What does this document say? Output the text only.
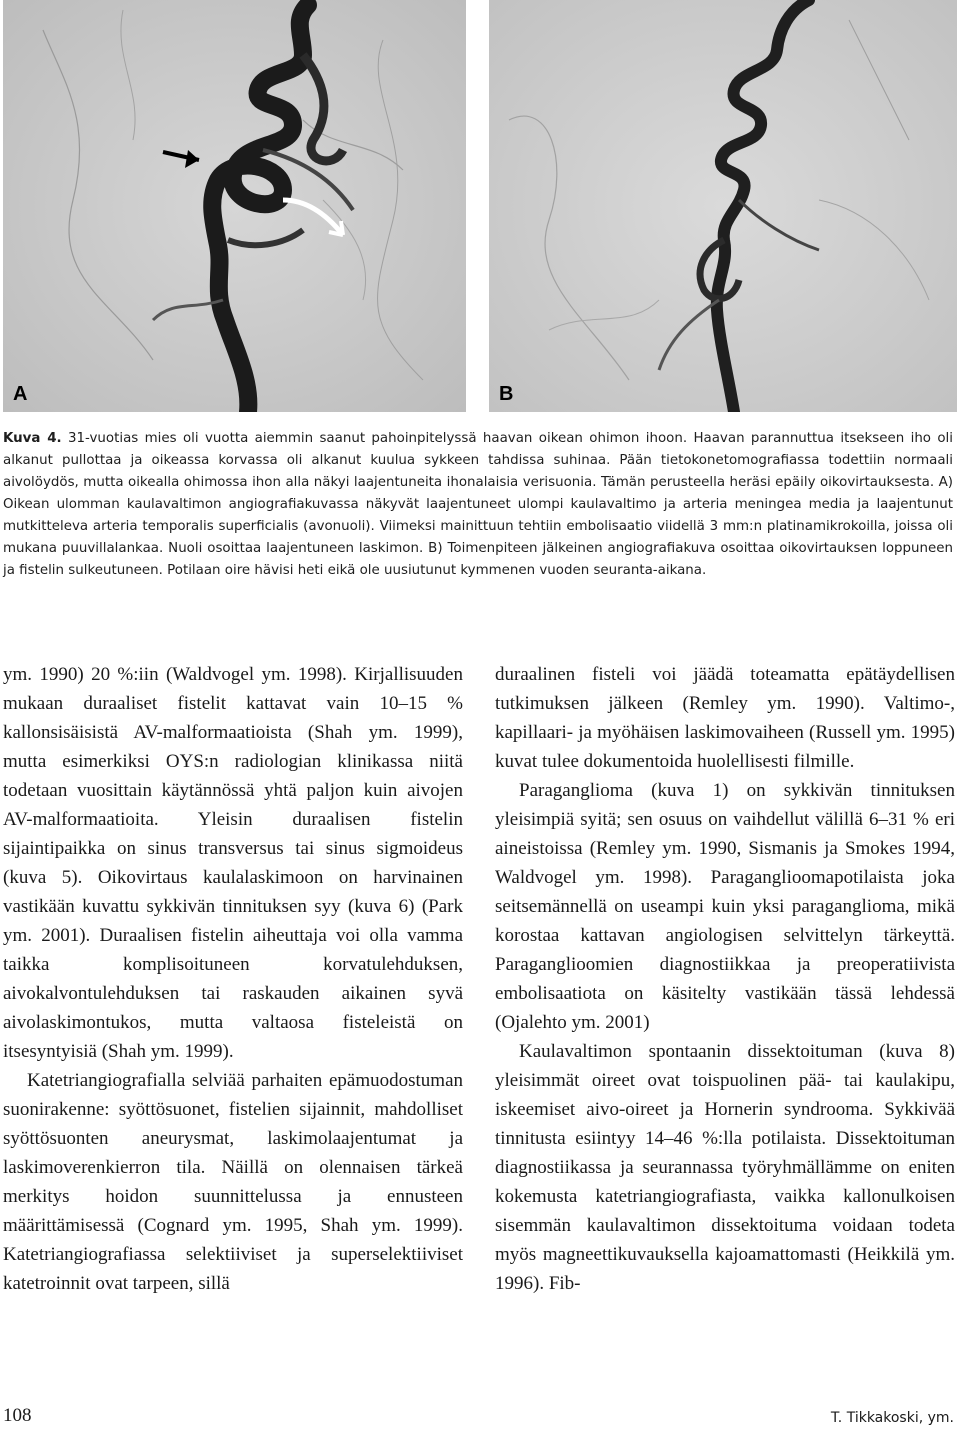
A	B
Kuva 4. 31-vuotias mies oli vuotta aiemmin saanut pahoinpitelyssä haavan oikean ohimon ihoon. Haavan parannuttua itsekseen iho oli alkanut pullottaa ja oikeassa korvassa oli alkanut kuulua sykkeen tahdissa suhinaa. Pään tietokonetomografiassa todettiin normaali aivolöydös, mutta oikealla ohimossa ihon alla näkyi laajentuneita ihonalaisia verisuonia. Tämän perusteella heräsi epäily oikovirtauksesta. A) Oikean ulomman kaulavaltimon angiografiakuvassa näkyvät laajentuneet ulompi kaulavaltimo ja arteria meningea media ja laajentunut mutkitteleva arteria temporalis superficialis (avonuoli). Viimeksi mainittuun tehtiin embolisaatio viidellä 3 mm:n platinamikrokoilla, joissa oli mukana puuvillalankaa. Nuoli osoittaa laajentuneen laskimon. B) Toimenpiteen jälkeinen angiografiakuva osoittaa oikovirtauksen loppuneen ja fistelin sulkeutuneen. Potilaan oire hävisi heti eikä ole uusiutunut kymmenen vuoden seuranta-aikana.

ym. 1990) 20 %:iin (Waldvogel ym. 1998). Kirjallisuuden mukaan duraaliset fistelit kattavat vain 10–15 % kallonsisäisistä AV-malformaatioista (Shah ym. 1999), mutta esimerkiksi OYS:n radiologian klinikassa niitä todetaan vuosittain käytännössä yhtä paljon kuin aivojen AV-malformaatioita. Yleisin duraalisen fistelin sijaintipaikka on sinus transversus tai sinus sigmoideus (kuva 5). Oikovirtaus kaulalaskimoon on harvinainen vastikään kuvattu sykkivän tinnituksen syy (kuva 6) (Park ym. 2001). Duraalisen fistelin aiheuttaja voi olla vamma taikka komplisoituneen korvatulehduksen, aivokalvontulehduksen tai raskauden aikainen syvä aivolaskimontukos, mutta valtaosa fisteleistä on itsesyntyisiä (Shah ym. 1999).

Katetriangiografialla selviää parhaiten epämuodostuman suonirakenne: syöttösuonet, fistelien sijainnit, mahdolliset syöttösuonten aneurysmat, laskimolaajentumat ja laskimoverenkierron tila. Näillä on olennaisen tärkeä merkitys hoidon suunnittelussa ja ennusteen määrittämisessä (Cognard ym. 1995, Shah ym. 1999). Katetriangiografiassa selektiiviset ja superselektiiviset katetroinnit ovat tarpeen, sillä

duraalinen fisteli voi jäädä toteamatta epätäydellisen tutkimuksen jälkeen (Remley ym. 1990). Valtimo-, kapillaari- ja myöhäisen laskimovaiheen (Russell ym. 1995) kuvat tulee dokumentoida huolellisesti filmille.

Paraganglioma (kuva 1) on sykkivän tinnituksen yleisimpiä syitä; sen osuus on vaihdellut välillä 6–31 % eri aineistoissa (Remley ym. 1990, Sismanis ja Smokes 1994, Waldvogel ym. 1998). Paraganglioomapotilaista joka seitsemännellä on useampi kuin yksi paraganglioma, mikä korostaa kattavan angiologisen selvittelyn tärkeyttä. Paraganglioomien diagnostiikkaa ja preoperatiivista embolisaatiota on käsitelty vastikään tässä lehdessä (Ojalehto ym. 2001)

Kaulavaltimon spontaanin dissektoituman (kuva 8) yleisimmät oireet ovat toispuolinen pää- tai kaulakipu, iskeemiset aivo-oireet ja Hornerin syndrooma. Sykkivää tinnitusta esiintyy 14–46 %:lla potilaista. Dissektoituman diagnostiikassa ja seurannassa työryhmällämme on eniten kokemusta katetriangiografiasta, vaikka kallonulkoisen sisemmän kaulavaltimon dissektoituma voidaan todeta myös magneettikuvauksella kajoamattomasti (Heikkilä ym. 1996). Fib-

108	T. Tikkakoski, ym.
